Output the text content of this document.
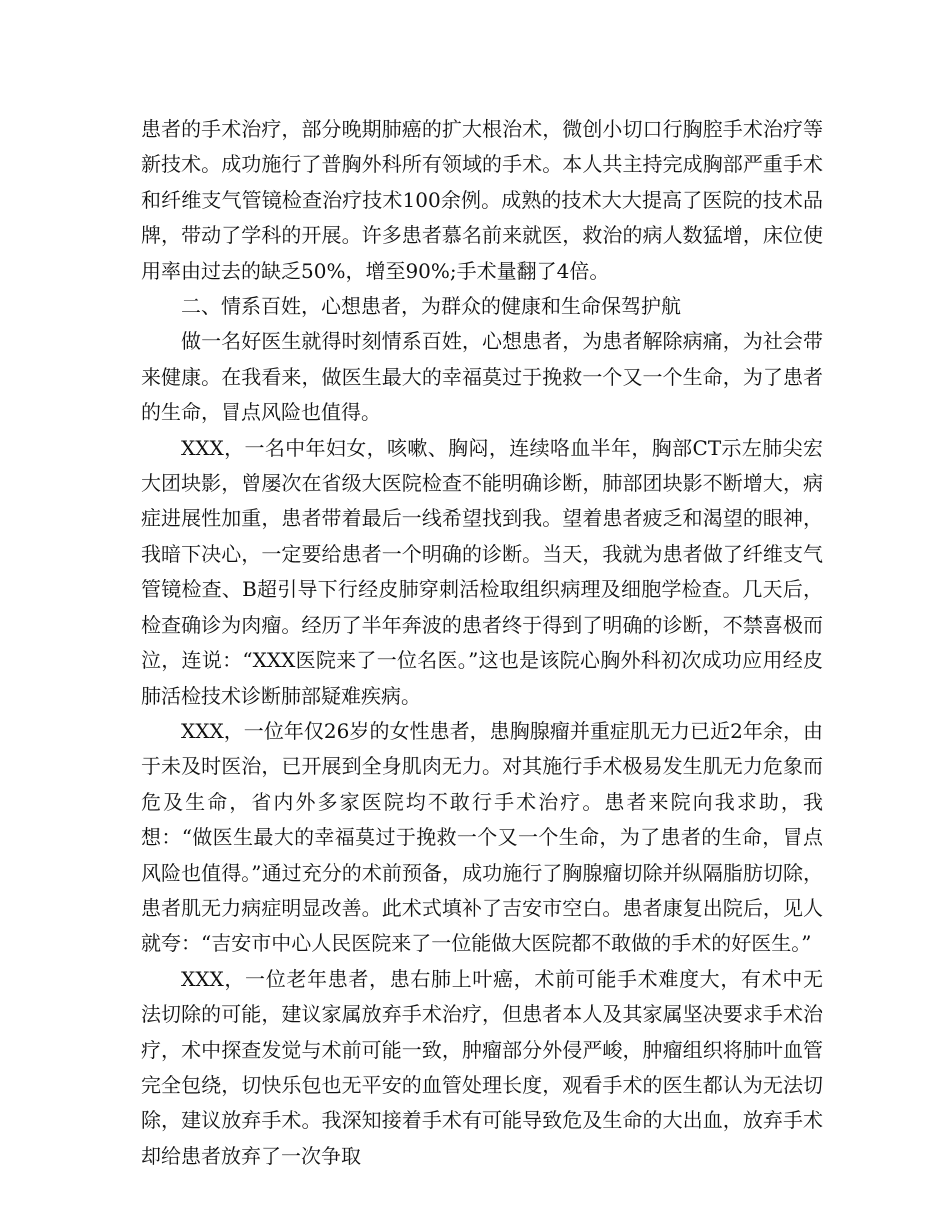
患者的手术治疗，部分晚期肺癌的扩大根治术，微创小切口行胸腔手术治疗等新技术。成功施行了普胸外科所有领域的手术。本人共主持完成胸部严重手术和纤维支气管镜检查治疗技术100余例。成熟的技术大大提高了医院的技术品牌，带动了学科的开展。许多患者慕名前来就医，救治的病人数猛增，床位使用率由过去的缺乏50%，增至90%;手术量翻了4倍。

二、情系百姓，心想患者，为群众的健康和生命保驾护航

做一名好医生就得时刻情系百姓，心想患者，为患者解除病痛，为社会带来健康。在我看来，做医生最大的幸福莫过于挽救一个又一个生命，为了患者的生命，冒点风险也值得。

XXX，一名中年妇女，咳嗽、胸闷，连续咯血半年，胸部CT示左肺尖宏大团块影，曾屡次在省级大医院检查不能明确诊断，肺部团块影不断增大，病症进展性加重，患者带着最后一线希望找到我。望着患者疲乏和渴望的眼神，我暗下决心，一定要给患者一个明确的诊断。当天，我就为患者做了纤维支气管镜检查、B超引导下行经皮肺穿刺活检取组织病理及细胞学检查。几天后，检查确诊为肉瘤。经历了半年奔波的患者终于得到了明确的诊断，不禁喜极而泣，连说：“XXX医院来了一位名医。”这也是该院心胸外科初次成功应用经皮肺活检技术诊断肺部疑难疾病。

XXX，一位年仅26岁的女性患者，患胸腺瘤并重症肌无力已近2年余，由于未及时医治，已开展到全身肌肉无力。对其施行手术极易发生肌无力危象而危及生命，省内外多家医院均不敢行手术治疗。患者来院向我求助，我想：“做医生最大的幸福莫过于挽救一个又一个生命，为了患者的生命，冒点风险也值得。”通过充分的术前预备，成功施行了胸腺瘤切除并纵隔脂肪切除，患者肌无力病症明显改善。此术式填补了吉安市空白。患者康复出院后，见人就夸：“吉安市中心人民医院来了一位能做大医院都不敢做的手术的好医生。”

XXX，一位老年患者，患右肺上叶癌，术前可能手术难度大，有术中无法切除的可能，建议家属放弃手术治疗，但患者本人及其家属坚决要求手术治疗，术中探查发觉与术前可能一致，肿瘤部分外侵严峻，肿瘤组织将肺叶血管完全包绕，切快乐包也无平安的血管处理长度，观看手术的医生都认为无法切除，建议放弃手术。我深知接着手术有可能导致危及生命的大出血，放弃手术却给患者放弃了一次争取
